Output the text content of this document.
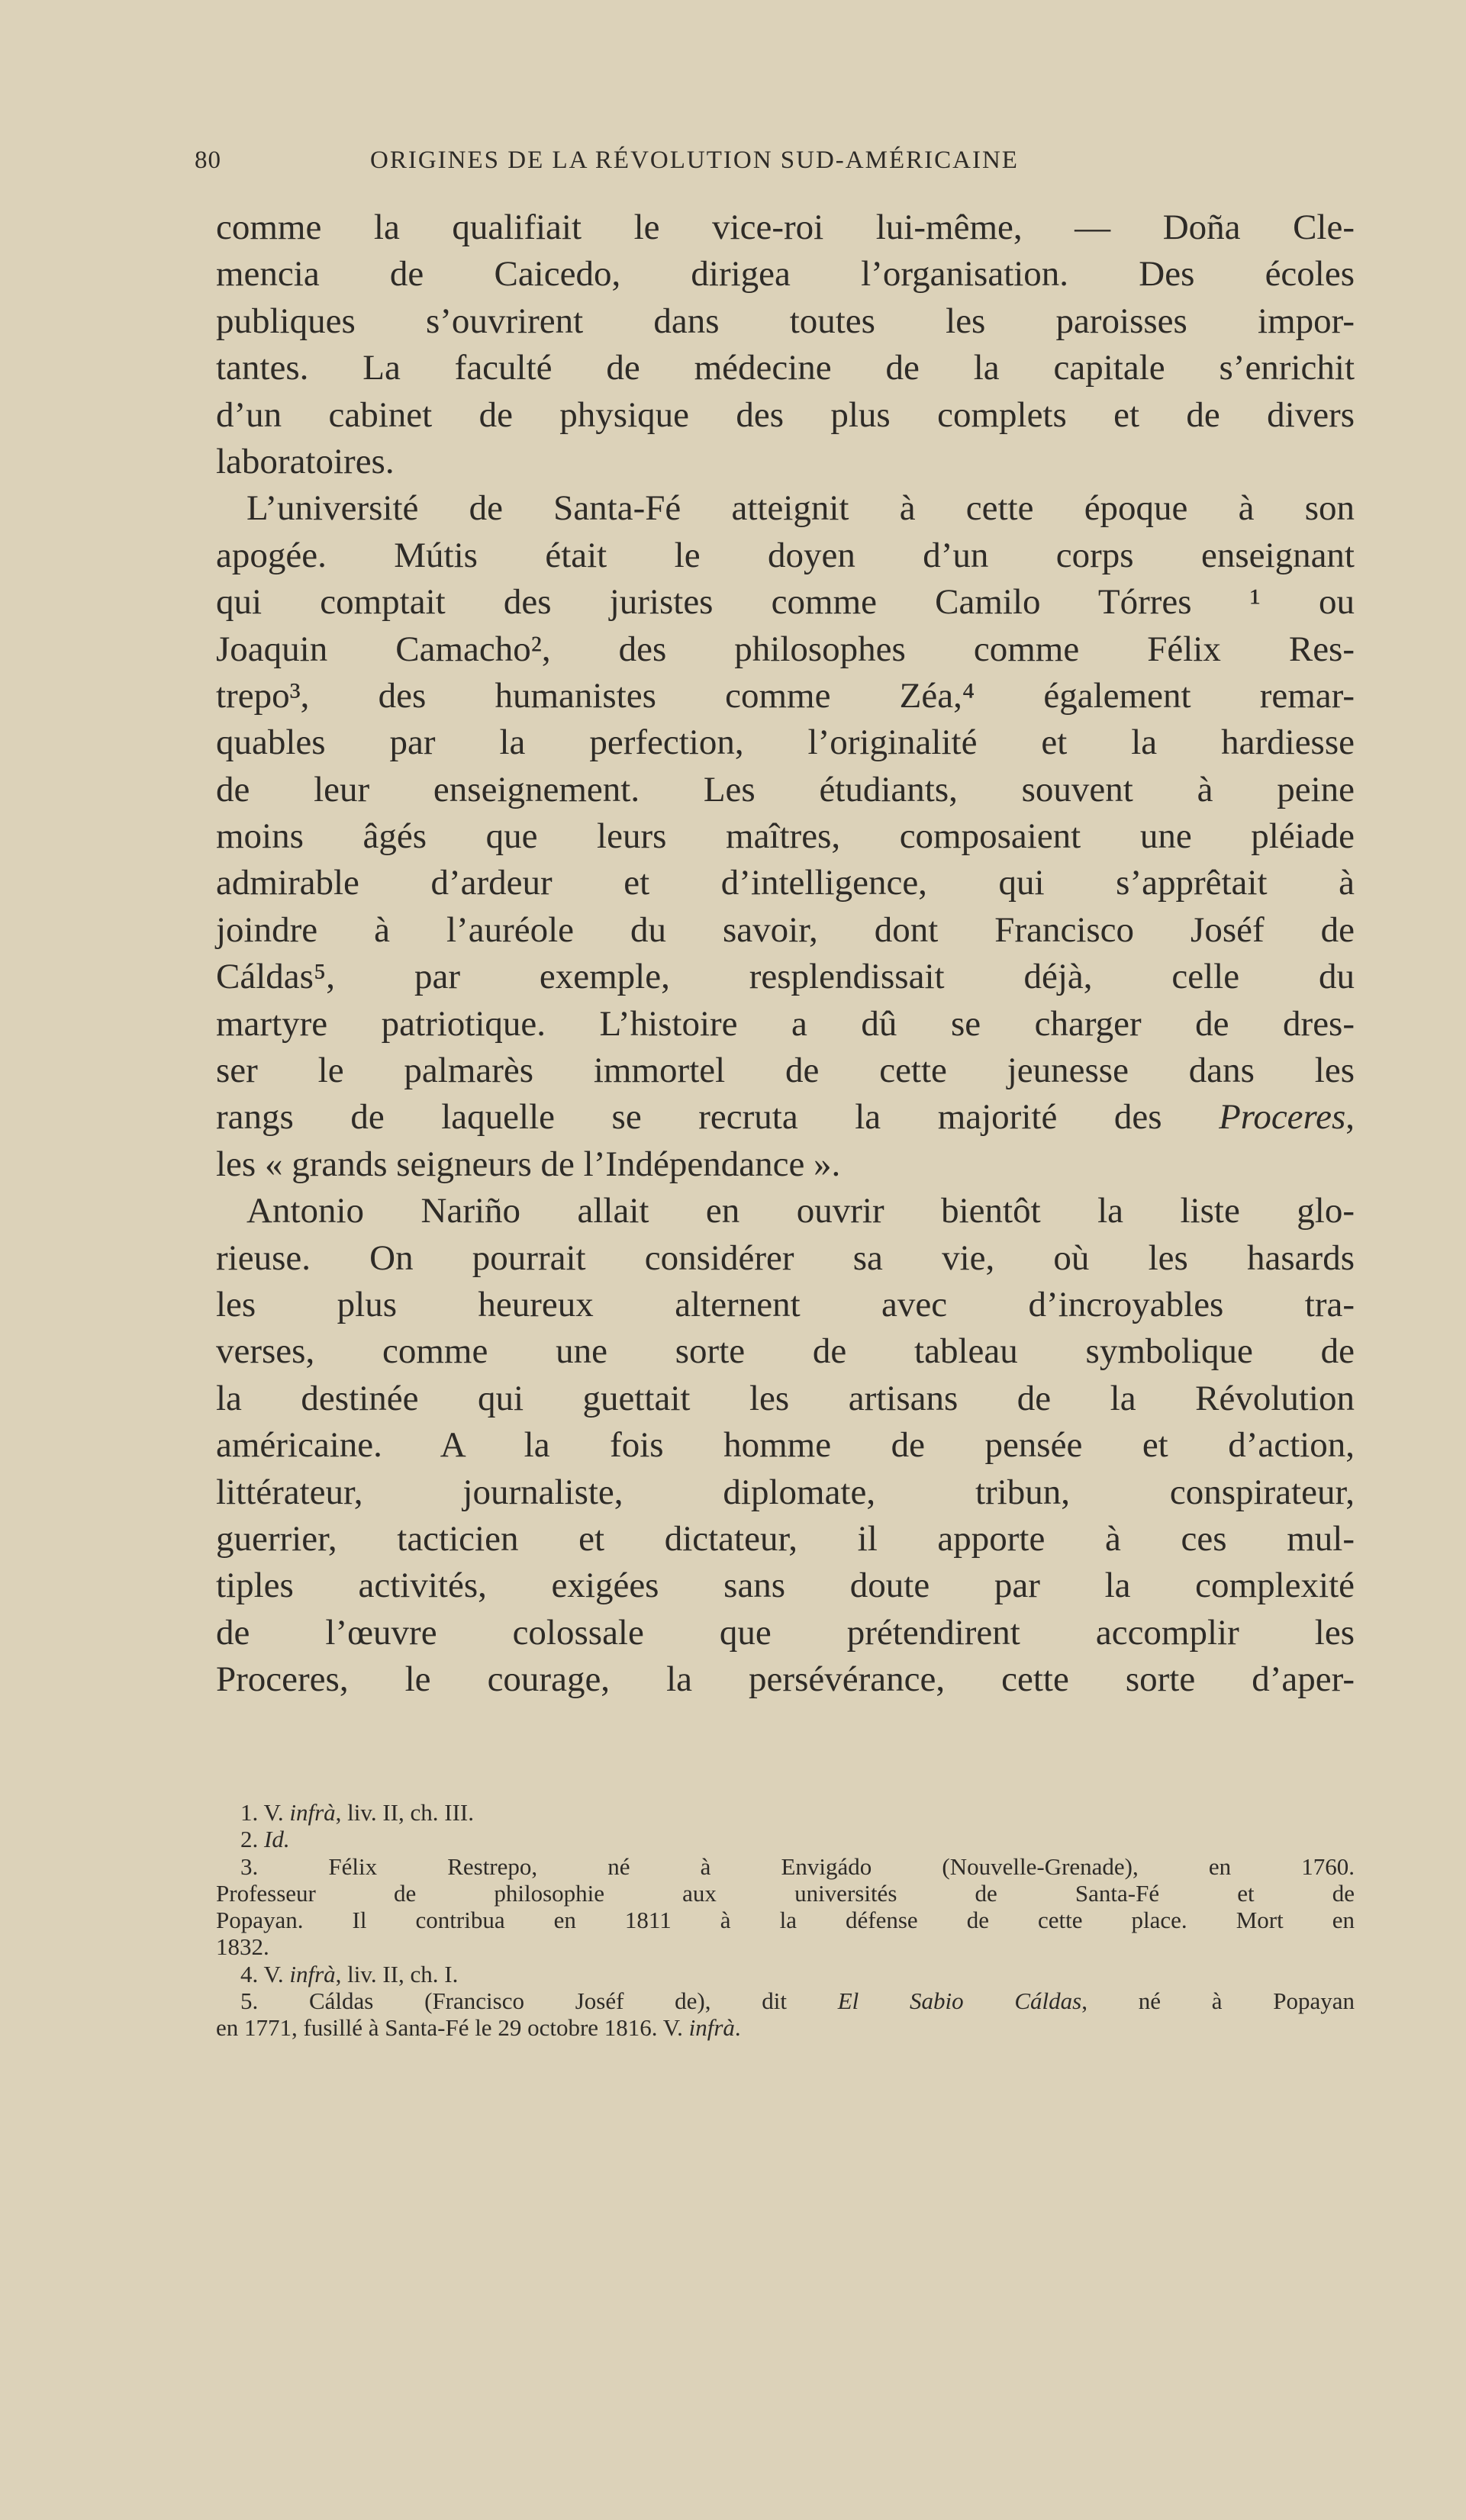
80	ORIGINES DE LA RÉVOLUTION SUD-AMÉRICAINE
comme la qualifiait le vice-roi lui-même, — Doña Cle-
mencia de Caicedo, dirigea l’organisation. Des écoles
publiques s’ouvrirent dans toutes les paroisses impor-
tantes. La faculté de médecine de la capitale s’enrichit
d’un cabinet de physique des plus complets et de divers
laboratoires.
L’université de Santa-Fé atteignit à cette époque à son
apogée. Mútis était le doyen d’un corps enseignant
qui comptait des juristes comme Camilo Tórres ¹ ou
Joaquin Camacho², des philosophes comme Félix Res-
trepo³, des humanistes comme Zéa,⁴ également remar-
quables par la perfection, l’originalité et la hardiesse
de leur enseignement. Les étudiants, souvent à peine
moins âgés que leurs maîtres, composaient une pléiade
admirable d’ardeur et d’intelligence, qui s’apprêtait à
joindre à l’auréole du savoir, dont Francisco Joséf de
Cáldas⁵, par exemple, resplendissait déjà, celle du
martyre patriotique. L’histoire a dû se charger de dres-
ser le palmarès immortel de cette jeunesse dans les
rangs de laquelle se recruta la majorité des Proceres,
les « grands seigneurs de l’Indépendance ».
Antonio Nariño allait en ouvrir bientôt la liste glo-
rieuse. On pourrait considérer sa vie, où les hasards
les plus heureux alternent avec d’incroyables tra-
verses, comme une sorte de tableau symbolique de
la destinée qui guettait les artisans de la Révolution
américaine. A la fois homme de pensée et d’action,
littérateur, journaliste, diplomate, tribun, conspirateur,
guerrier, tacticien et dictateur, il apporte à ces mul-
tiples activités, exigées sans doute par la complexité
de l’œuvre colossale que prétendirent accomplir les
Proceres, le courage, la persévérance, cette sorte d’aper-
1. V. infrà, liv. II, ch. III.
2. Id.
3. Félix Restrepo, né à Envigádo (Nouvelle-Grenade), en 1760.
Professeur de philosophie aux universités de Santa-Fé et de
Popayan. Il contribua en 1811 à la défense de cette place. Mort en
1832.
4. V. infrà, liv. II, ch. I.
5. Cáldas (Francisco Joséf de), dit El Sabio Cáldas, né à Popayan
en 1771, fusillé à Santa-Fé le 29 octobre 1816. V. infrà.
